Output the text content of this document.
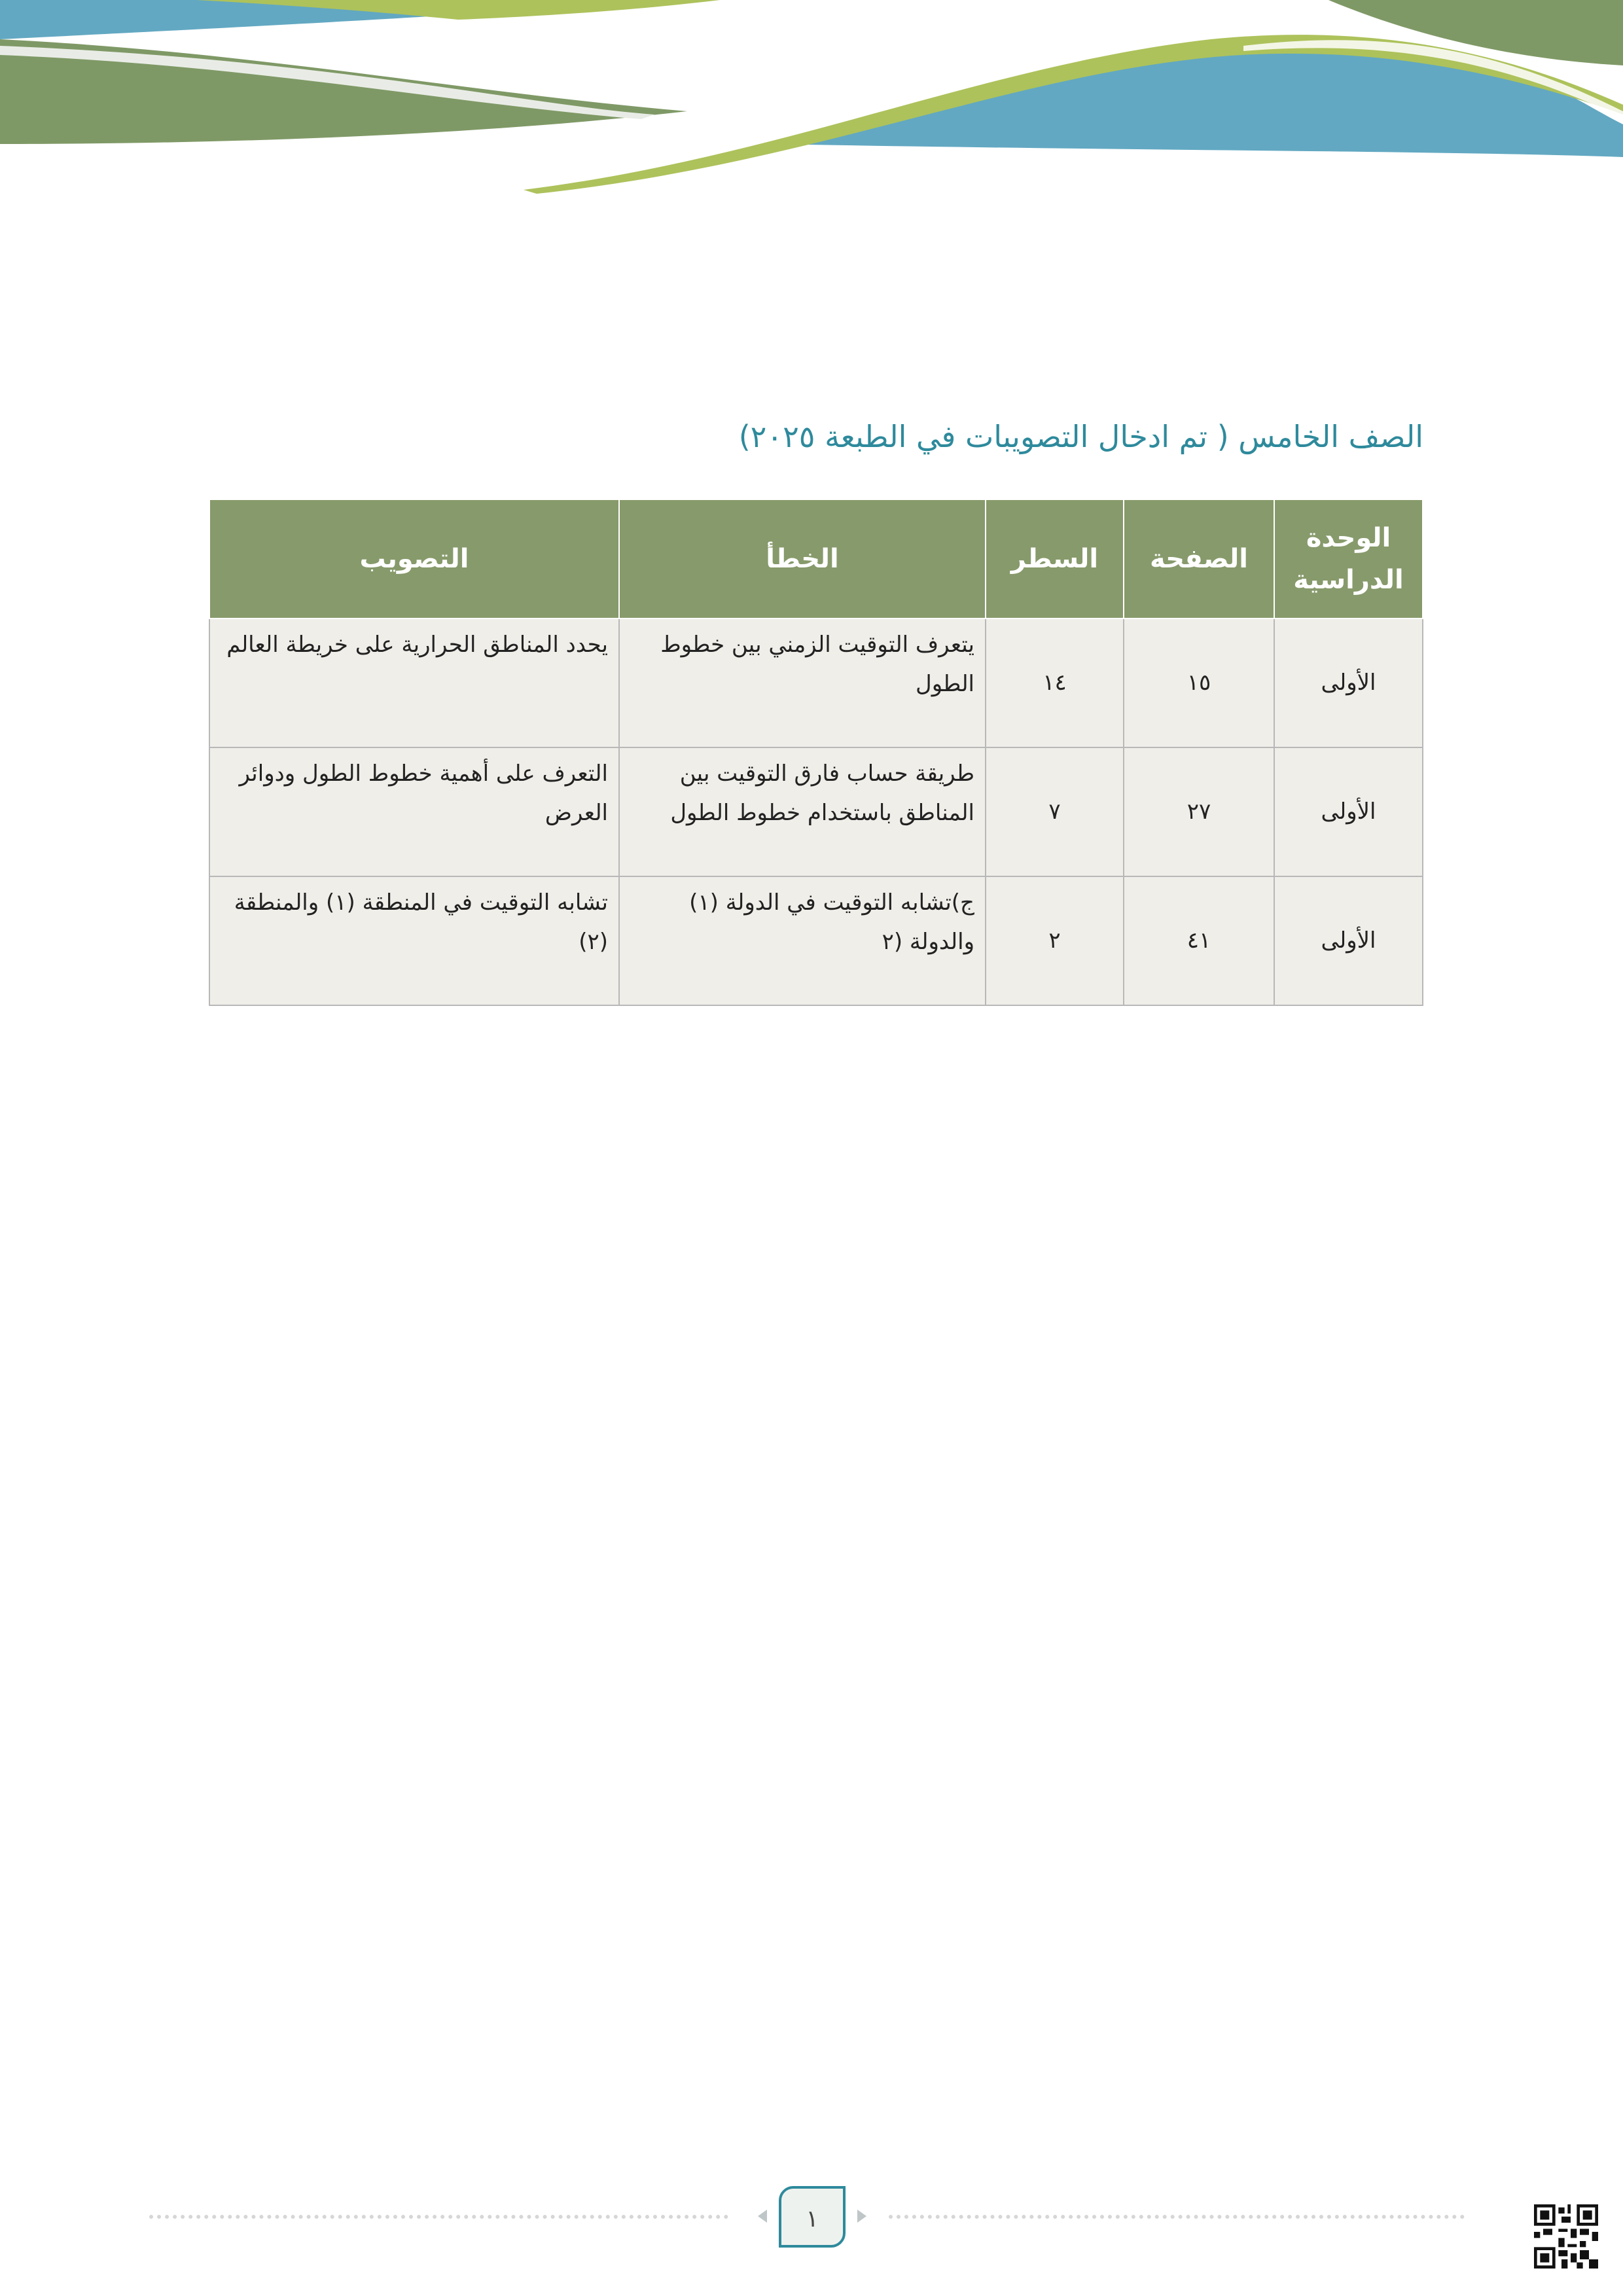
الصف الخامس ( تم ادخال التصويبات في الطبعة ٢٠٢٥)
الوحدة الدراسية	الصفحة	السطر	الخطأ	التصويب
الأولى	١٥	١٤	يتعرف التوقيت الزمني بين خطوط الطول	يحدد المناطق الحرارية على خريطة العالم
الأولى	٢٧	٧	طريقة حساب فارق التوقيت بين المناطق باستخدام خطوط الطول	التعرف على أهمية خطوط الطول ودوائر العرض
الأولى	٤١	٢	ج)تشابه التوقيت في الدولة (١) والدولة (٢	تشابه التوقيت في المنطقة (١) والمنطقة (٢)
١
